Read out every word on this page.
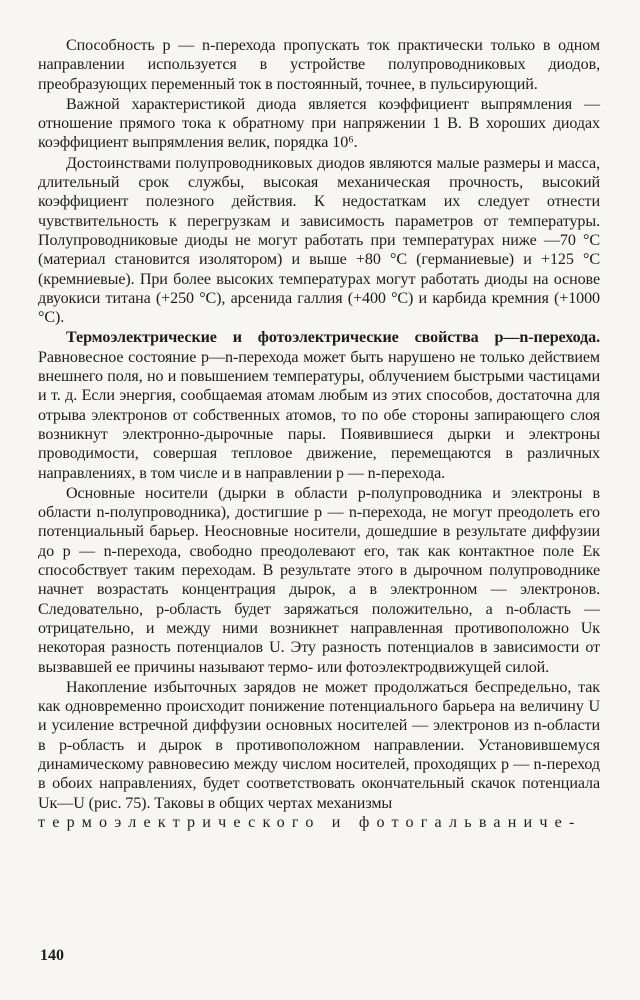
Способность p — n-перехода пропускать ток практически только в одном направлении используется в устройстве полупроводниковых диодов, преобразующих переменный ток в постоянный, точнее, в пульсирующий.

Важной характеристикой диода является коэффициент выпрямления — отношение прямого тока к обратному при напряжении 1 В. В хороших диодах коэффициент выпрямления велик, порядка 10⁶.

Достоинствами полупроводниковых диодов являются малые размеры и масса, длительный срок службы, высокая механическая прочность, высокий коэффициент полезного действия. К недостаткам их следует отнести чувствительность к перегрузкам и зависимость параметров от температуры. Полупроводниковые диоды не могут работать при температурах ниже —70 °C (материал становится изолятором) и выше +80 °C (германиевые) и +125 °C (кремниевые). При более высоких температурах могут работать диоды на основе двуокиси титана (+250 °C), арсенида галлия (+400 °C) и карбида кремния (+1000 °C).

Термоэлектрические и фотоэлектрические свойства p—n-перехода. Равновесное состояние p—n-перехода может быть нарушено не только действием внешнего поля, но и повышением температуры, облучением быстрыми частицами и т. д. Если энергия, сообщаемая атомам любым из этих способов, достаточна для отрыва электронов от собственных атомов, то по обе стороны запирающего слоя возникнут электронно-дырочные пары. Появившиеся дырки и электроны проводимости, совершая тепловое движение, перемещаются в различных направлениях, в том числе и в направлении p — n-перехода.

Основные носители (дырки в области p-полупроводника и электроны в области n-полупроводника), достигшие p — n-перехода, не могут преодолеть его потенциальный барьер. Неосновные носители, дошедшие в результате диффузии до p — n-перехода, свободно преодолевают его, так как контактное поле Eк способствует таким переходам. В результате этого в дырочном полупроводнике начнет возрастать концентрация дырок, а в электронном — электронов. Следовательно, p-область будет заряжаться положительно, а n-область — отрицательно, и между ними возникнет направленная противоположно Uк некоторая разность потенциалов U. Эту разность потенциалов в зависимости от вызвавшей ее причины называют термо- или фотоэлектродвижущей силой.

Накопление избыточных зарядов не может продолжаться беспредельно, так как одновременно происходит понижение потенциального барьера на величину U и усиление встречной диффузии основных носителей — электронов из n-области в p-область и дырок в противоположном направлении. Установившемуся динамическому равновесию между числом носителей, проходящих p — n-переход в обоих направлениях, будет соответствовать окончательный скачок потенциала Uк—U (рис. 75). Таковы в общих чертах механизмы

термоэлектрического и фотогальваниче-
140
